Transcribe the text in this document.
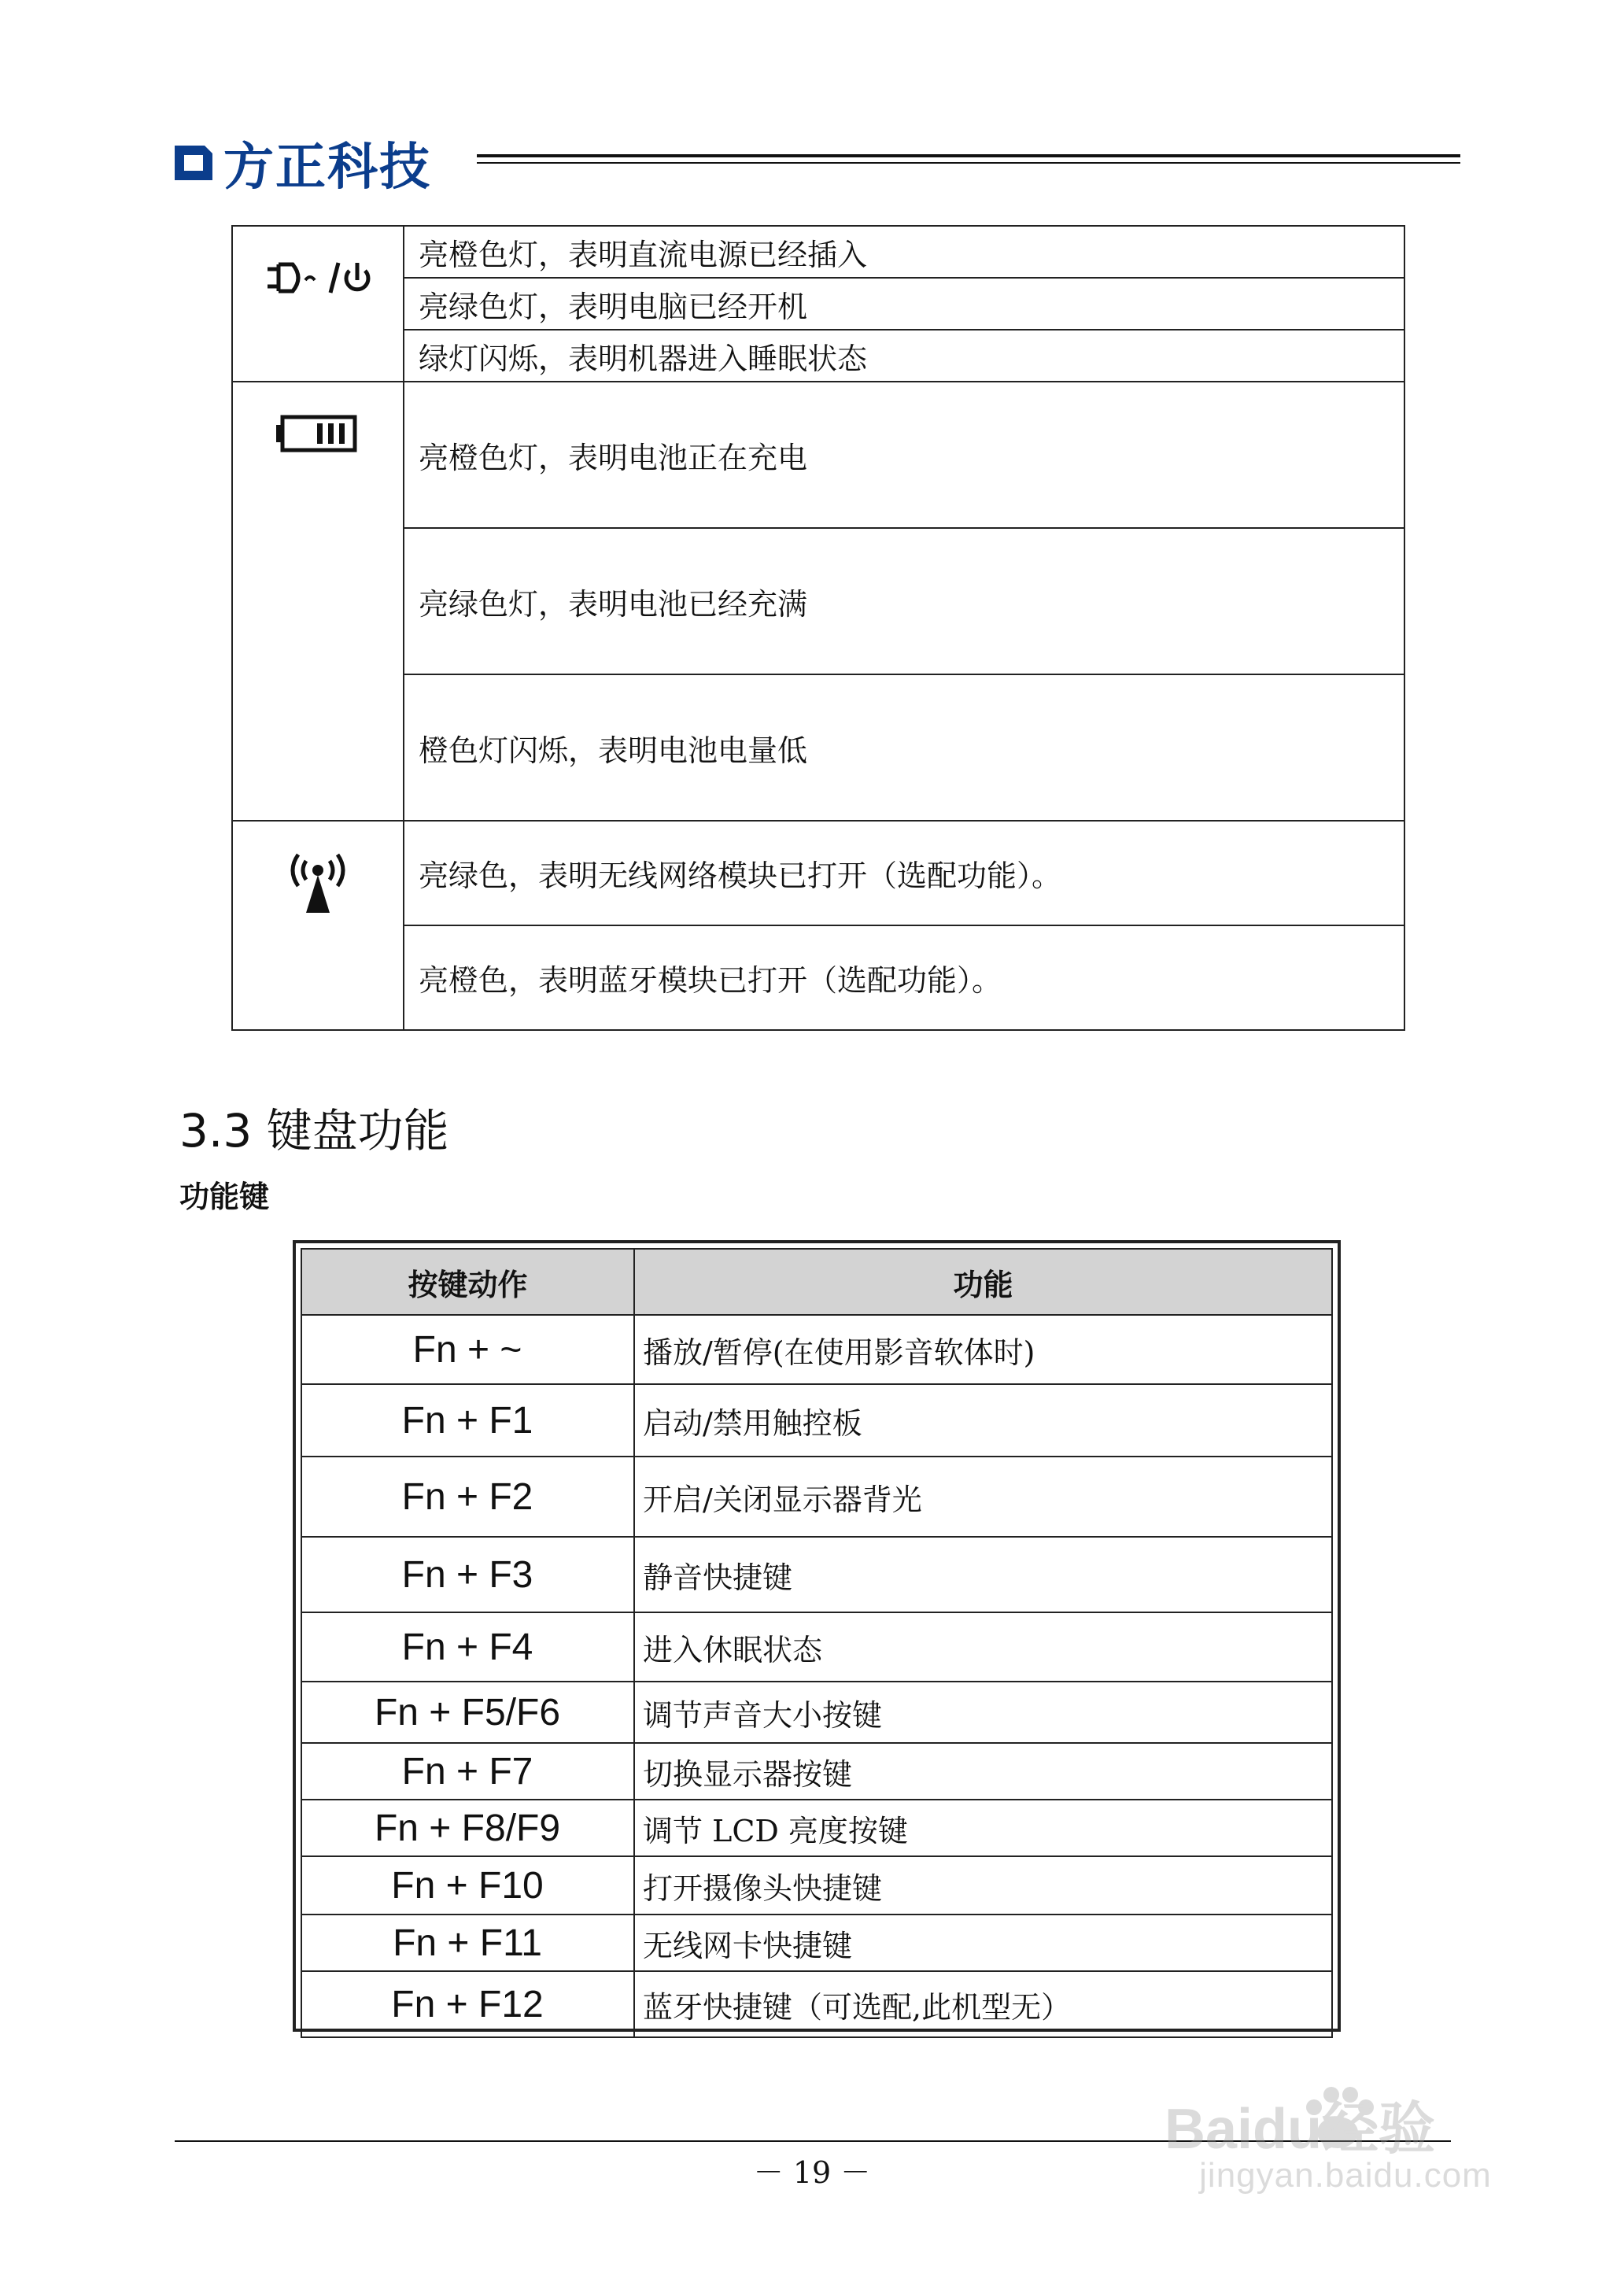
方正科技
	亮橙色灯，表明直流电源已经插入
	亮绿色灯，表明电脑已经开机
	绿灯闪烁，表明机器进入睡眠状态
	亮橙色灯，表明电池正在充电
	亮绿色灯，表明电池已经充满
	橙色灯闪烁，表明电池电量低
	亮绿色，表明无线网络模块已打开（选配功能）。
	亮橙色，表明蓝牙模块已打开（选配功能）。
3.3 键盘功能
功能键
按键动作	功能
Fn + ~	播放/暂停(在使用影音软体时)
Fn + F1	启动/禁用触控板
Fn + F2	开启/关闭显示器背光
Fn + F3	静音快捷键
Fn + F4	进入休眠状态
Fn + F5/F6	调节声音大小按键
Fn + F7	切换显示器按键
Fn + F8/F9	调节 LCD 亮度按键
Fn + F10	打开摄像头快捷键
Fn + F11	无线网卡快捷键
Fn + F12	蓝牙快捷键（可选配,此机型无）
－ 19 －
Baidu经验
jingyan.baidu.com
